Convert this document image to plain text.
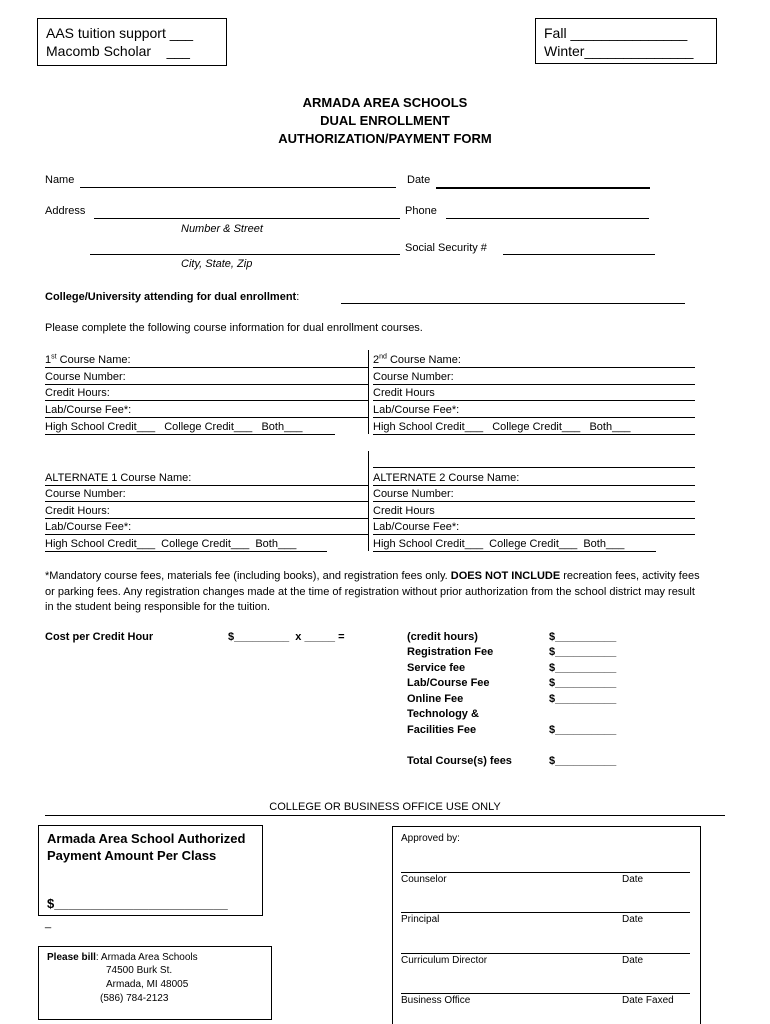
AAS tuition support ___
Macomb Scholar    ___
Fall _______________
Winter______________
ARMADA AREA SCHOOLS
DUAL ENROLLMENT
AUTHORIZATION/PAYMENT FORM
Name	Date
Address	Phone
Number & Street
Social Security #
City, State, Zip
College/University attending for dual enrollment:
Please complete the following course information for dual enrollment courses.
1st Course Name:
Course Number:
Credit Hours:
Lab/Course Fee*:
High School Credit___   College Credit___   Both___
2nd Course Name:
Course Number:
Credit Hours
Lab/Course Fee*:
High School Credit___   College Credit___   Both___
ALTERNATE 1 Course Name:
Course Number:
Credit Hours:
Lab/Course Fee*:
High School Credit___  College Credit___  Both___
ALTERNATE 2 Course Name:
Course Number:
Credit Hours
Lab/Course Fee*:
High School Credit___  College Credit___  Both___
*Mandatory course fees, materials fee (including books), and registration fees only. DOES NOT INCLUDE recreation fees, activity fees or parking fees. Any registration changes made at the time of registration without prior authorization from the school district may result in the student being responsible for the tuition.
Cost per Credit Hour	$_________  x _____ =	(credit hours)	$__________
Registration Fee	$__________
Service fee	$__________
Lab/Course Fee	$__________
Online Fee	$__________
Technology &
Facilities Fee	$__________
Total Course(s) fees	$__________
COLLEGE OR BUSINESS OFFICE USE ONLY
Armada Area School Authorized Payment Amount Per Class
$________________________
_
Please bill: Armada Area Schools
74500 Burk St.
Armada, MI 48005
(586) 784-2123
Approved by:
Counselor	Date
Principal	Date
Curriculum Director	Date
Business Office	Date Faxed
